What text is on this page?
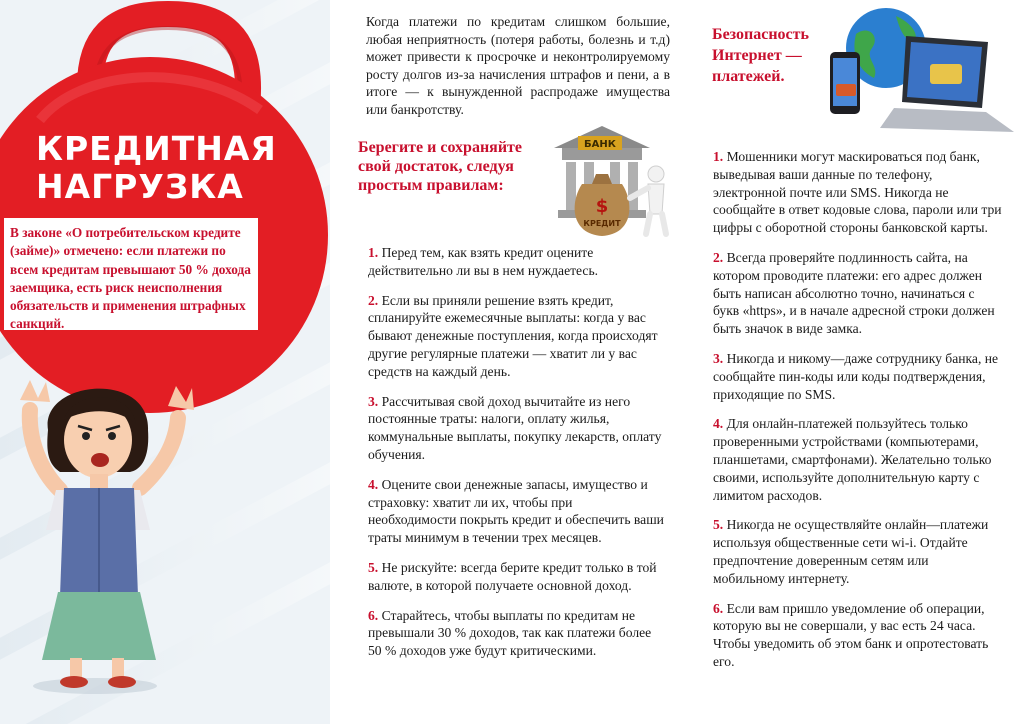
КРЕДИТНАЯ
НАГРУЗКА
В законе «О потребительском кредите (займе)» отмечено: если платежи по всем кредитам превышают 50 % дохода заемщика, есть риск неисполнения обязательств и применения штрафных санкций.

Когда платежи по кредитам слишком большие, любая неприятность (потеря работы, болезнь и т.д) может привести к просрочке и неконтролируемому росту долгов из-за начисления штрафов и пени, а в итоге — к вынужденной распродаже имущества или банкротству.

Берегите и сохраняйте свой достаток, следуя простым правилам:
БАНК
$
КРЕДИТ
1. Перед тем, как взять кредит оцените действительно ли вы в нем нуждаетесь.
2. Если вы приняли решение взять кредит, спланируйте ежемесячные выплаты: когда у вас бывают денежные поступления, когда происходят другие регулярные платежи — хватит ли у вас средств на каждый день.
3. Рассчитывая свой доход вычитайте из него постоянные траты: налоги, оплату жилья, коммунальные выплаты, покупку лекарств, оплату обучения.
4. Оцените свои денежные запасы, имущество и страховку: хватит ли их, чтобы при необходимости покрыть кредит и обеспечить ваши траты минимум в течении трех месяцев.
5. Не рискуйте: всегда берите кредит только в той валюте, в которой получаете основной доход.
6. Старайтесь, чтобы выплаты по кредитам не превышали 30 % доходов, так как платежи более 50 % доходов уже будут критическими.
Безопасность Интернет — платежей.
1. Мошенники могут маскироваться под банк, выведывая ваши данные по телефону, электронной почте или SMS. Никогда не сообщайте в ответ кодовые слова, пароли или три цифры с оборотной стороны банковской карты.
2. Всегда проверяйте подлинность сайта, на котором проводите платежи: его адрес должен быть написан абсолютно точно, начинаться с букв «https», и в начале адресной строки должен быть значок в виде замка.
3. Никогда и никому—даже сотруднику банка, не сообщайте пин-коды или коды подтверждения, приходящие по SMS.
4. Для онлайн-платежей пользуйтесь только проверенными устройствами (компьютерами, планшетами, смартфонами). Желательно только своими, используйте дополнительную карту с лимитом расходов.
5. Никогда не осуществляйте онлайн—платежи используя общественные сети wi-i. Отдайте предпочтение доверенным сетям или мобильному интернету.
6. Если вам пришло уведомление об операции, которую вы не совершали, у вас есть 24 часа. Чтобы уведомить об этом банк и опротестовать его.
